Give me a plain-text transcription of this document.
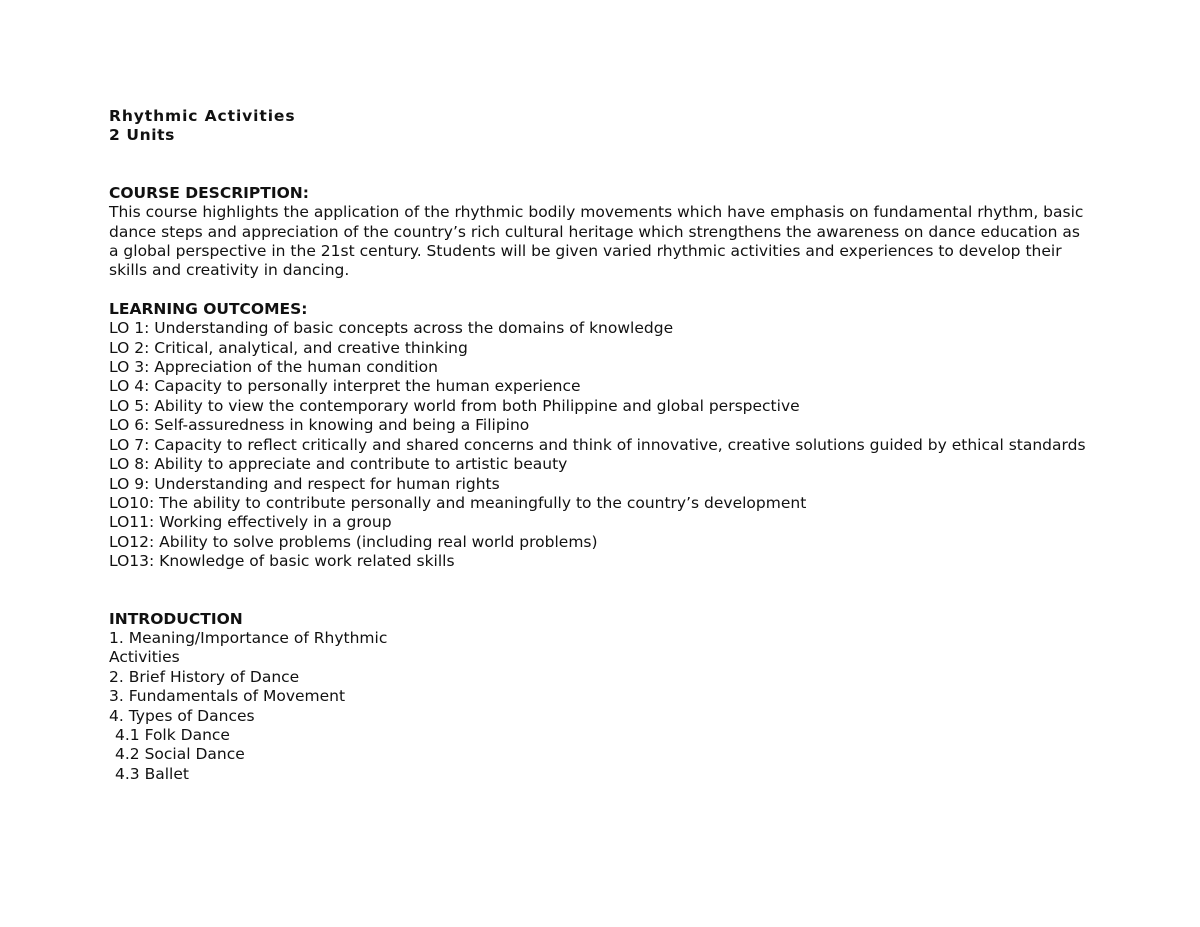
Rhythmic Activities
2 Units
COURSE DESCRIPTION:

This course highlights the application of the rhythmic bodily movements which have emphasis on fundamental rhythm, basic dance steps and appreciation of the country’s rich cultural heritage which strengthens the awareness on dance education as a global perspective in the 21st century. Students will be given varied rhythmic activities and experiences to develop their skills and creativity in dancing.

LEARNING OUTCOMES:
LO 1: Understanding of basic concepts across the domains of knowledge
LO 2: Critical, analytical, and creative thinking
LO 3: Appreciation of the human condition
LO 4: Capacity to personally interpret the human experience
LO 5: Ability to view the contemporary world from both Philippine and global perspective
LO 6: Self-assuredness in knowing and being a Filipino
LO 7: Capacity to reflect critically and shared concerns and think of innovative, creative solutions guided by ethical standards
LO 8: Ability to appreciate and contribute to artistic beauty
LO 9: Understanding and respect for human rights
LO10: The ability to contribute personally and meaningfully to the country’s development
LO11: Working effectively in a group
LO12: Ability to solve problems (including real world problems)
LO13: Knowledge of basic work related skills
INTRODUCTION
1. Meaning/Importance of Rhythmic Activities
2. Brief History of Dance
3. Fundamentals of Movement
4. Types of Dances
4.1 Folk Dance
4.2 Social Dance
4.3 Ballet
